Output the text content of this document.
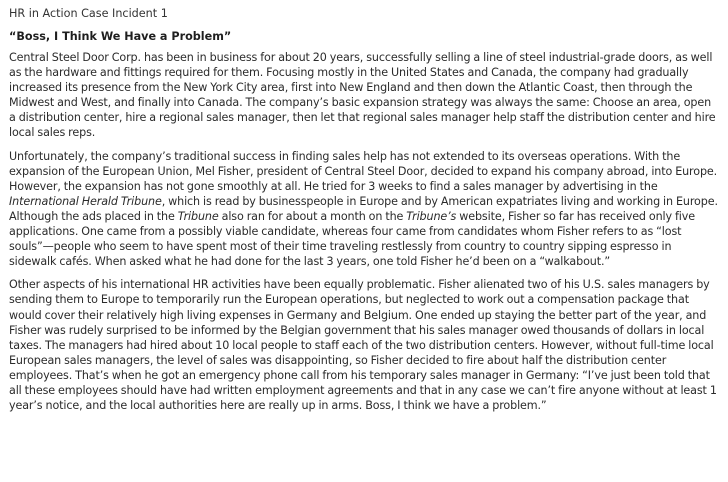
HR in Action Case Incident 1
“Boss, I Think We Have a Problem”

Central Steel Door Corp. has been in business for about 20 years, successfully selling a line of steel industrial-grade doors, as well as the hardware and fittings required for them. Focusing mostly in the United States and Canada, the company had gradually increased its presence from the New York City area, first into New England and then down the Atlantic Coast, then through the Midwest and West, and finally into Canada. The company’s basic expansion strategy was always the same: Choose an area, open a distribution center, hire a regional sales manager, then let that regional sales manager help staff the distribution center and hire local sales reps.

Unfortunately, the company’s traditional success in finding sales help has not extended to its overseas operations. With the expansion of the European Union, Mel Fisher, president of Central Steel Door, decided to expand his company abroad, into Europe. However, the expansion has not gone smoothly at all. He tried for 3 weeks to find a sales manager by advertising in the International Herald Tribune, which is read by businesspeople in Europe and by American expatriates living and working in Europe. Although the ads placed in the Tribune also ran for about a month on the Tribune’s website, Fisher so far has received only five applications. One came from a possibly viable candidate, whereas four came from candidates whom Fisher refers to as “lost souls”—people who seem to have spent most of their time traveling restlessly from country to country sipping espresso in sidewalk cafés. When asked what he had done for the last 3 years, one told Fisher he’d been on a “walkabout.”

Other aspects of his international HR activities have been equally problematic. Fisher alienated two of his U.S. sales managers by sending them to Europe to temporarily run the European operations, but neglected to work out a compensation package that would cover their relatively high living expenses in Germany and Belgium. One ended up staying the better part of the year, and Fisher was rudely surprised to be informed by the Belgian government that his sales manager owed thousands of dollars in local taxes. The managers had hired about 10 local people to staff each of the two distribution centers. However, without full-time local European sales managers, the level of sales was disappointing, so Fisher decided to fire about half the distribution center employees. That’s when he got an emergency phone call from his temporary sales manager in Germany: “I’ve just been told that all these employees should have had written employment agreements and that in any case we can’t fire anyone without at least 1 year’s notice, and the local authorities here are really up in arms. Boss, I think we have a problem.”
